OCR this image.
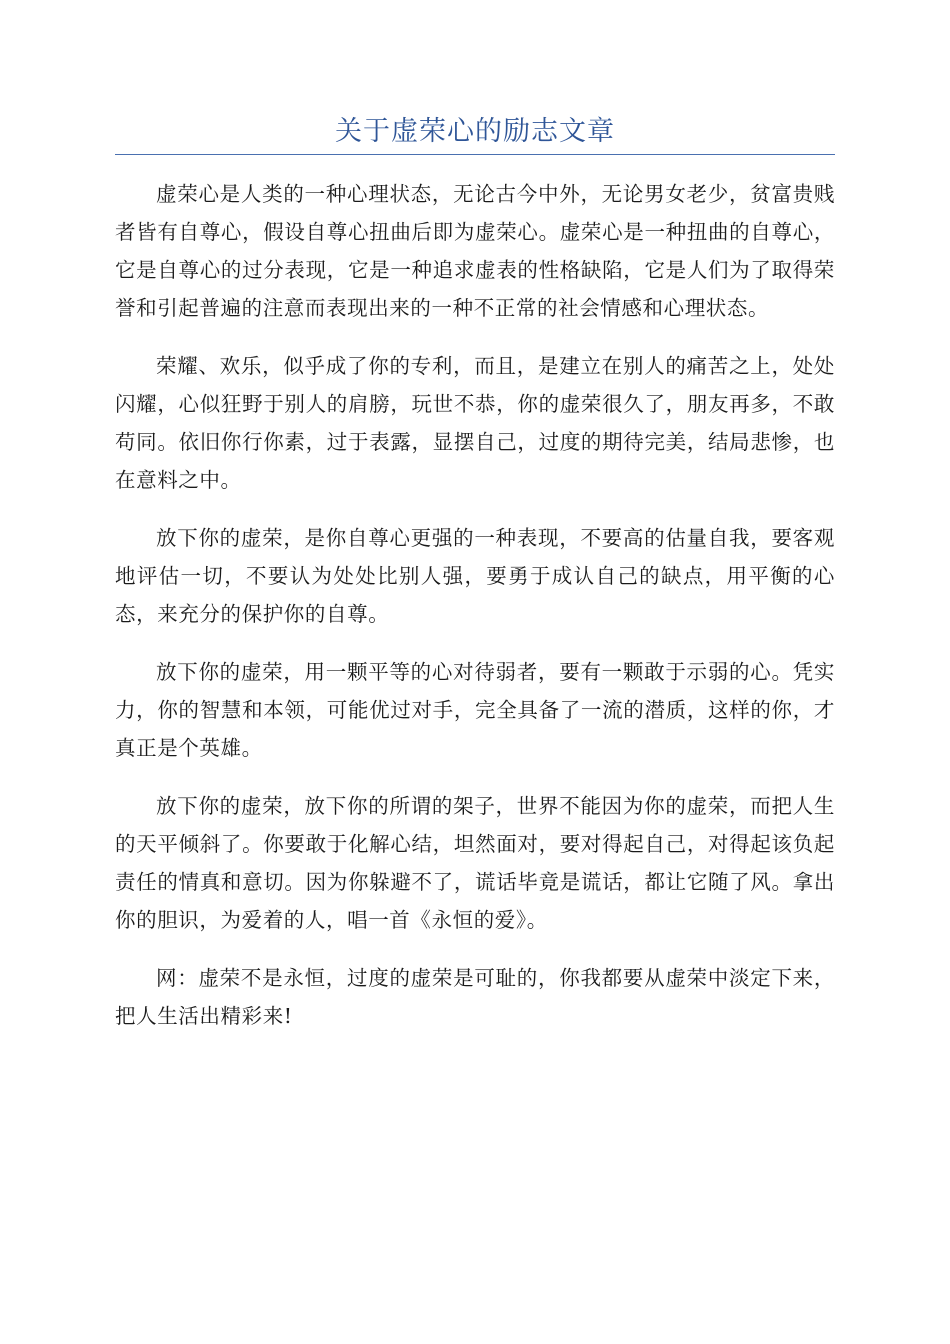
关于虚荣心的励志文章

虚荣心是人类的一种心理状态，无论古今中外，无论男女老少，贫富贵贱者皆有自尊心，假设自尊心扭曲后即为虚荣心。虚荣心是一种扭曲的自尊心，它是自尊心的过分表现，它是一种追求虚表的性格缺陷，它是人们为了取得荣誉和引起普遍的注意而表现出来的一种不正常的社会情感和心理状态。

荣耀、欢乐，似乎成了你的专利，而且，是建立在别人的痛苦之上，处处闪耀，心似狂野于别人的肩膀，玩世不恭，你的虚荣很久了，朋友再多，不敢苟同。依旧你行你素，过于表露，显摆自己，过度的期待完美，结局悲惨，也在意料之中。

放下你的虚荣，是你自尊心更强的一种表现，不要高的估量自我，要客观地评估一切，不要认为处处比别人强，要勇于成认自己的缺点，用平衡的心态，来充分的保护你的自尊。

放下你的虚荣，用一颗平等的心对待弱者，要有一颗敢于示弱的心。凭实力，你的智慧和本领，可能优过对手，完全具备了一流的潜质，这样的你，才真正是个英雄。

放下你的虚荣，放下你的所谓的架子，世界不能因为你的虚荣，而把人生的天平倾斜了。你要敢于化解心结，坦然面对，要对得起自己，对得起该负起责任的情真和意切。因为你躲避不了，谎话毕竟是谎话，都让它随了风。拿出你的胆识，为爱着的人，唱一首《永恒的爱》。

网：虚荣不是永恒，过度的虚荣是可耻的，你我都要从虚荣中淡定下来，把人生活出精彩来!
